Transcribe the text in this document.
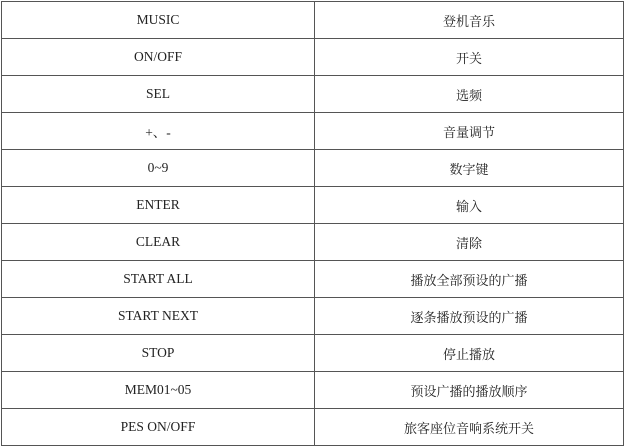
MUSIC	登机音乐
ON/OFF	开关
SEL	选频
+、-	音量调节
0~9	数字键
ENTER	输入
CLEAR	清除
START ALL	播放全部预设的广播
START NEXT	逐条播放预设的广播
STOP	停止播放
MEM01~05	预设广播的播放顺序
PES ON/OFF	旅客座位音响系统开关
